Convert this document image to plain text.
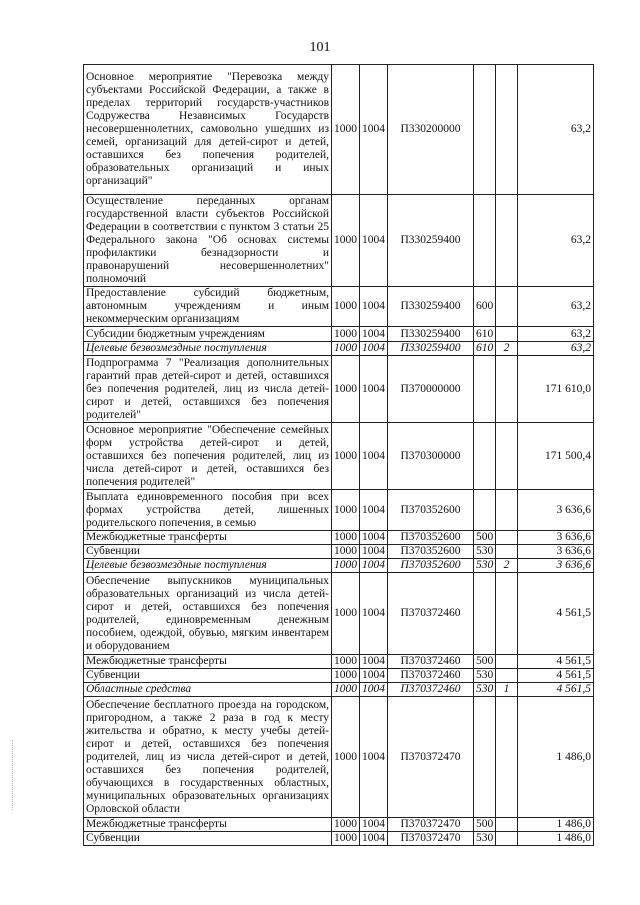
101
Основное мероприятие "Перевозка между субъектами Российской Федерации, а также в пределах территорий государств-участников Содружества Независимых Государств несовершеннолетних, самовольно ушедших из семей, организаций для детей-сирот и детей, оставшихся без попечения родителей, образовательных организаций и иных организаций"	1000	1004	П330200000			63,2
Осуществление переданных органам государственной власти субъектов Российской Федерации в соответствии с пунктом 3 статьи 25 Федерального закона "Об основах системы профилактики безнадзорности и правонарушений несовершеннолетних" полномочий	1000	1004	П330259400			63,2
Предоставление субсидий бюджетным, автономным учреждениям и иным некоммерческим организациям	1000	1004	П330259400	600		63,2
Субсидии бюджетным учреждениям	1000	1004	П330259400	610		63,2
Целевые безвозмездные поступления	1000	1004	П330259400	610	2	63,2
Подпрограмма 7 "Реализация дополнительных гарантий прав детей-сирот и детей, оставшихся без попечения родителей, лиц из числа детей-сирот и детей, оставшихся без попечения родителей"	1000	1004	П370000000			171 610,0
Основное мероприятие "Обеспечение семейных форм устройства детей-сирот и детей, оставшихся без попечения родителей, лиц из числа детей-сирот и детей, оставшихся без попечения родителей"	1000	1004	П370300000			171 500,4
Выплата единовременного пособия при всех формах устройства детей, лишенных родительского попечения, в семью	1000	1004	П370352600			3 636,6
Межбюджетные трансферты	1000	1004	П370352600	500		3 636,6
Субвенции	1000	1004	П370352600	530		3 636,6
Целевые безвозмездные поступления	1000	1004	П370352600	530	2	3 636,6
Обеспечение выпускников муниципальных образовательных организаций из числа детей-сирот и детей, оставшихся без попечения родителей, единовременным денежным пособием, одеждой, обувью, мягким инвентарем и оборудованием	1000	1004	П370372460			4 561,5
Межбюджетные трансферты	1000	1004	П370372460	500		4 561,5
Субвенции	1000	1004	П370372460	530		4 561,5
Областные средства	1000	1004	П370372460	530	1	4 561,5
Обеспечение бесплатного проезда на городском, пригородном, а также 2 раза в год к месту жительства и обратно, к месту учебы детей-сирот и детей, оставшихся без попечения родителей, лиц из числа детей-сирот и детей, оставшихся без попечения родителей, обучающихся в государственных областных, муниципальных образовательных организациях Орловской области	1000	1004	П370372470			1 486,0
Межбюджетные трансферты	1000	1004	П370372470	500		1 486,0
Субвенции	1000	1004	П370372470	530		1 486,0
